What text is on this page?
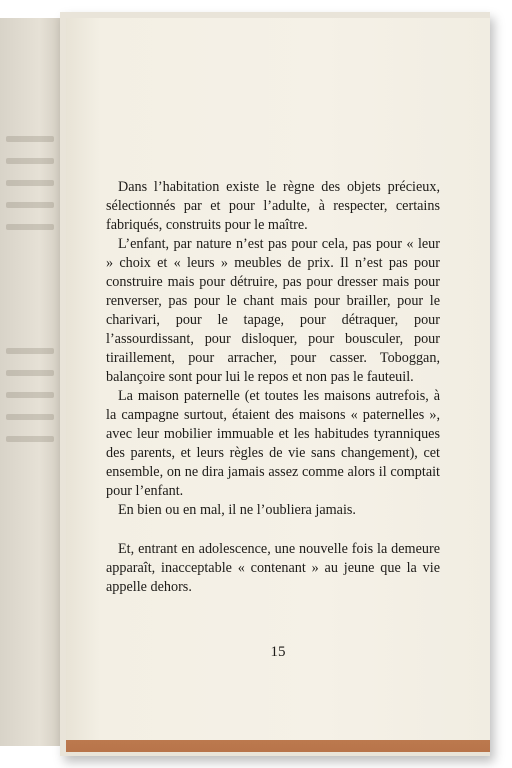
Dans l’habitation existe le règne des objets précieux, sélectionnés par et pour l’adulte, à respecter, certains fabriqués, construits pour le maître.

L’enfant, par nature n’est pas pour cela, pas pour « leur » choix et « leurs » meubles de prix. Il n’est pas pour construire mais pour détruire, pas pour dresser mais pour renverser, pas pour le chant mais pour brailler, pour le charivari, pour le tapage, pour détraquer, pour l’assourdissant, pour disloquer, pour bousculer, pour tiraillement, pour arracher, pour casser. Toboggan, balançoire sont pour lui le repos et non pas le fauteuil.

La maison paternelle (et toutes les maisons autrefois, à la campagne surtout, étaient des maisons « paternelles », avec leur mobilier immuable et les habitudes tyranniques des parents, et leurs règles de vie sans changement), cet ensemble, on ne dira jamais assez comme alors il comptait pour l’enfant.

En bien ou en mal, il ne l’oubliera jamais.

Et, entrant en adolescence, une nouvelle fois la demeure apparaît, inacceptable « contenant » au jeune que la vie appelle dehors.

15
